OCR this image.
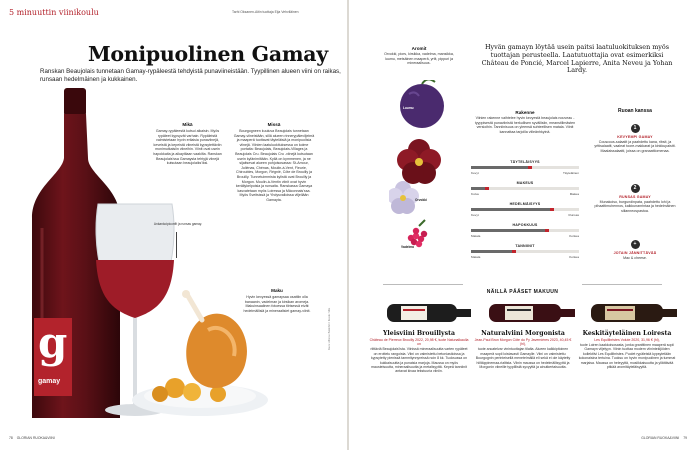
5 minuuttin viinikoulu	Tarhi Oksanen-Aitin tuottaja Eija Vehviläinen
Monipuolinen Gamay
Ranskan Beaujolais tunnetaan Gamay-rypäleestä tehdyistä punaviineistään. Tyypillinen alueen viini on raikas, runsaan hedelmäinen ja kukkainen.
g
gamay
Ankankoipiconfit ja runsas gamay.
Mikä
Gamay-rypäleestä kutsui aikaisin. Myös rypäleet kypsyvät varhain. Rypäleistä valmistetaan hyvin erilaisia punaviinejä, keveistä ja kepeistä viineistä kypsytettäviin monimutkaisiin viineihin. Viinit ovat usein hapokkaita ja aikaytilaan vaakilta. Ranskan Beaujolais'ssa Gamaysta tehtyjä viinejä kutsutaan beaujolaiks'iksi.
Missä
Bourgogneen kuuluva Beaujolais tunnetaan Gamay-viineistään, sillä alueen rinnerypäleviljelmä ja maaperä tuottavat täyteläisiä ja monipuolisia viinejä. Viinien laatuluokituksessa on kolme portaita: Beaujolais, Beaujolais-Villages ja Beaujolais Cru. Beaujolais Cru -viinejä kutsutaan usein kylänimiltään. Kyliä on kymmenen, ja ne sijaitsevat alueen pohjoisosassa: St-Amour, Juliénas, Chénas, Moulin-à-Vent, Fleurie, Chiroubles, Morgon, Régnié, Côte de Brouilly ja Brouilly. Tunnetuimmista kylistä ovat Brouilly ja Morgon. Moulin-à-Ventin viinit ovat hyvin keräilykelpoisia ja runsaita. Ranskassa Gamaya kasvatetaan myös Loiressa ja Mâconnais'ssa. Myös Sveitsissä ja Yhdysvalloissa viljellään Gamayta.
Maku
Hyvin kevyessä gamaysaa osattiin olla banaanin, vadelman ja kirsikan aromeja. Makuinsaalinen fotoessa tiirisessä eivät hedelmällisiä ja mineraalisiet gamay-viinit.	Kuva: Alfonso Bakinfelt / Kuvak: Mila
78 GLORIAN RUOKA&VIINI
Aromit
Orvokki, piors, kirsikka, vadelma, mansikka, luumu, metsäinen maaperä, yrtit, pippuri ja mineraalisuus.
Luumu
Orvokki
Vadelma
Hyvän gamayn löytää usein paitsi laatuluokituksen myös tuottajan perusteella. Laatutuottajia ovat esimerkiksi Château de Poncié, Marcel Lapierre, Anita Neveu ja Yohan Lardy.
Rakenne
Viinien rakenne vaihtelee hyvin kevyestä beaujolais nouveau -tyyppisestä punaviinistä herkullisen syvällisiin, meanstillmästen versioihin. Tanniinisuus on yleensä suhteellisen matala. Viinit kannattaa tarjoilla viileänhkyinä.
TÄYTELÄISYYS
Kevyt	Täyteläinen
MAKEUS
Kuiva	Makea
HEDELMÄISYYS
Kevyt	Runsas
HAPOKKUUS
Matala	Korkea
TANNIINIT
Matala	Korkea
Ruoan kanssa
1
KEVYEMPI GAMAY
Couscous-salaatit ja paahdettu kana, ribsit, ja yrttisalaatit, vaaleat toore-makkarat ja kinkkupaistit. Maalaissalaatti, joissa on granaattiomenaa.
2
RUNSAS GAMAY
Munakoiso, burgundinpata, paahdettu lohi ja pihaattimuhennos, kalkkunanrintaa ja hedelmäinen silianneospastoa.
+
JOTAIN JÄNNITTÄVÄÄ
Mac & cheese.
NÄILLÄ PÄÄSET MAKUUN
Yleisviini Brouillysta
Château de Pierreux Brouilly 2022, 20,98 €, tuote Natunalkaulla on
riittäviä Beaujolais'ista. Viinissä mineraalisuutta varten rypäleet on erottelu rangoista. Viini on valmistettu betoniastioissa ja kypsytetty pienissä tammitynnyreissä noin 8 kk. Tuoksussa on kukkaisuutta ja punaisia marjoja. Maussa on myös mausteisuutta, mineraalisuutta ja metalisyyttä. Kepeä tanniinit antavat kivaa tekstuuria viiniin.
Naturalviini Morgonista
Jean-Paul Brun Morgon Côte du Py Javernières 2023, 40,45 € (hl),
tuote ancatelvar vinintuottajan tilalta. Alueen kalkkipitoinen maaperä sopii loistavasti Gamaylle. Viini on valmistettu Bourgognin perinteisellä menetelmällä eli sekä ei ole käytetty hiiltäppinemaa-rialtista. Viinin maussa on hedelmällisyyttä ja Morgonin viineille tyypillistä syvyyttä ja ainutkertaisuutta.
Keskitäyteläinen Loiresta
Les Equilibristes Volute 2020, 31,96 € (hl),
tuote Loiren kaakkoisosasta, jonka granittinen maaperä sopii Gamayn viljelyyn. Viinin tuottaa modern viinintekijöiden kollektiivi Les Equilibristes. Puolet rypäleistä kypsytetään kokonaisina tertuina. Tuoksu on hyvin monipuolinen ja tummat marjaisa. Maussa on heleyyttä, musiikkaisuutta ja yllättävää pitkää aromitäyteläisyyttä.
GLORIAN RUOKA&VIINI 79
